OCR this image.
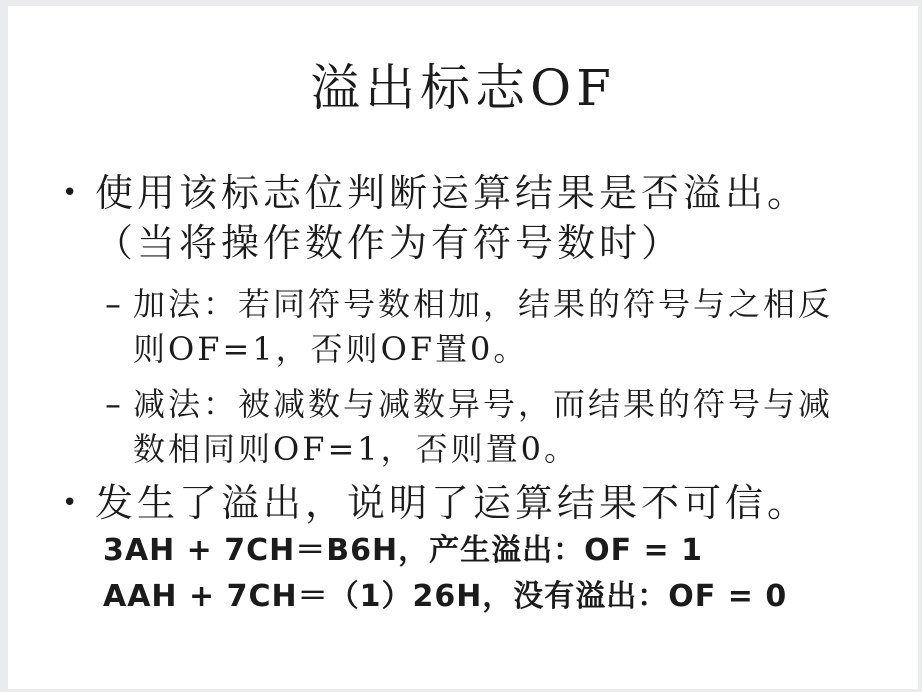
溢出标志OF
• 使用该标志位判断运算结果是否溢出。
（当将操作数作为有符号数时）
– 加法：若同符号数相加，结果的符号与之相反
则OF=1，否则OF置0。
– 减法：被减数与减数异号，而结果的符号与减
数相同则OF=1，否则置0。
• 发生了溢出，说明了运算结果不可信。
3AH + 7CH＝B6H，产生溢出：OF = 1
AAH + 7CH＝（1）26H，没有溢出：OF = 0
